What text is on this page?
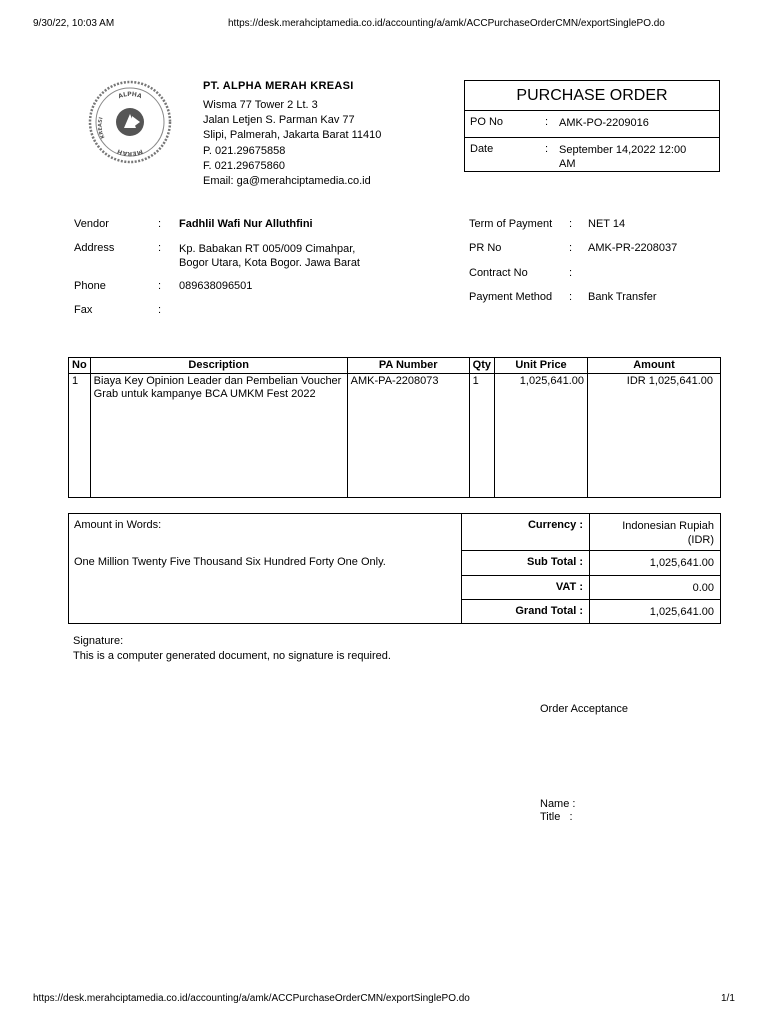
9/30/22, 10:03 AM	https://desk.merahciptamedia.co.id/accounting/a/amk/ACCPurchaseOrderCMN/exportSinglePO.do
ALPHA
MERAH
KREASI
PT. ALPHA MERAH KREASI
Wisma 77 Tower 2 Lt. 3
Jalan Letjen S. Parman Kav 77
Slipi, Palmerah, Jakarta Barat 11410
P. 021.29675858
F. 021.29675860
Email: ga@merahciptamedia.co.id
PURCHASE ORDER
PO No	: AMK-PO-2209016
Date	: September 14,2022 12:00
AM
Vendor	: Fadhlil Wafi Nur Alluthfini
Address	: Kp. Babakan RT 005/009 Cimahpar,
Bogor Utara, Kota Bogor. Jawa Barat
Phone	: 089638096501
Fax	:
Term of Payment : NET 14
PR No	: AMK-PR-2208037
Contract No	:
Payment Method : Bank Transfer
No	Description	PA Number	Qty	Unit Price	Amount
1	Biaya Key Opinion Leader dan Pembelian Voucher Grab untuk kampanye BCA UMKM Fest 2022	AMK-PA-2208073	1	1,025,641.00	IDR 1,025,641.00
Amount in Words:
One Million Twenty Five Thousand Six Hundred Forty One Only.
Currency :	Indonesian Rupiah
(IDR)
Sub Total :	1,025,641.00
VAT :	0.00
Grand Total :	1,025,641.00
Signature:
This is a computer generated document, no signature is required.
Order Acceptance
Name :
Title   :
https://desk.merahciptamedia.co.id/accounting/a/amk/ACCPurchaseOrderCMN/exportSinglePO.do	1/1
